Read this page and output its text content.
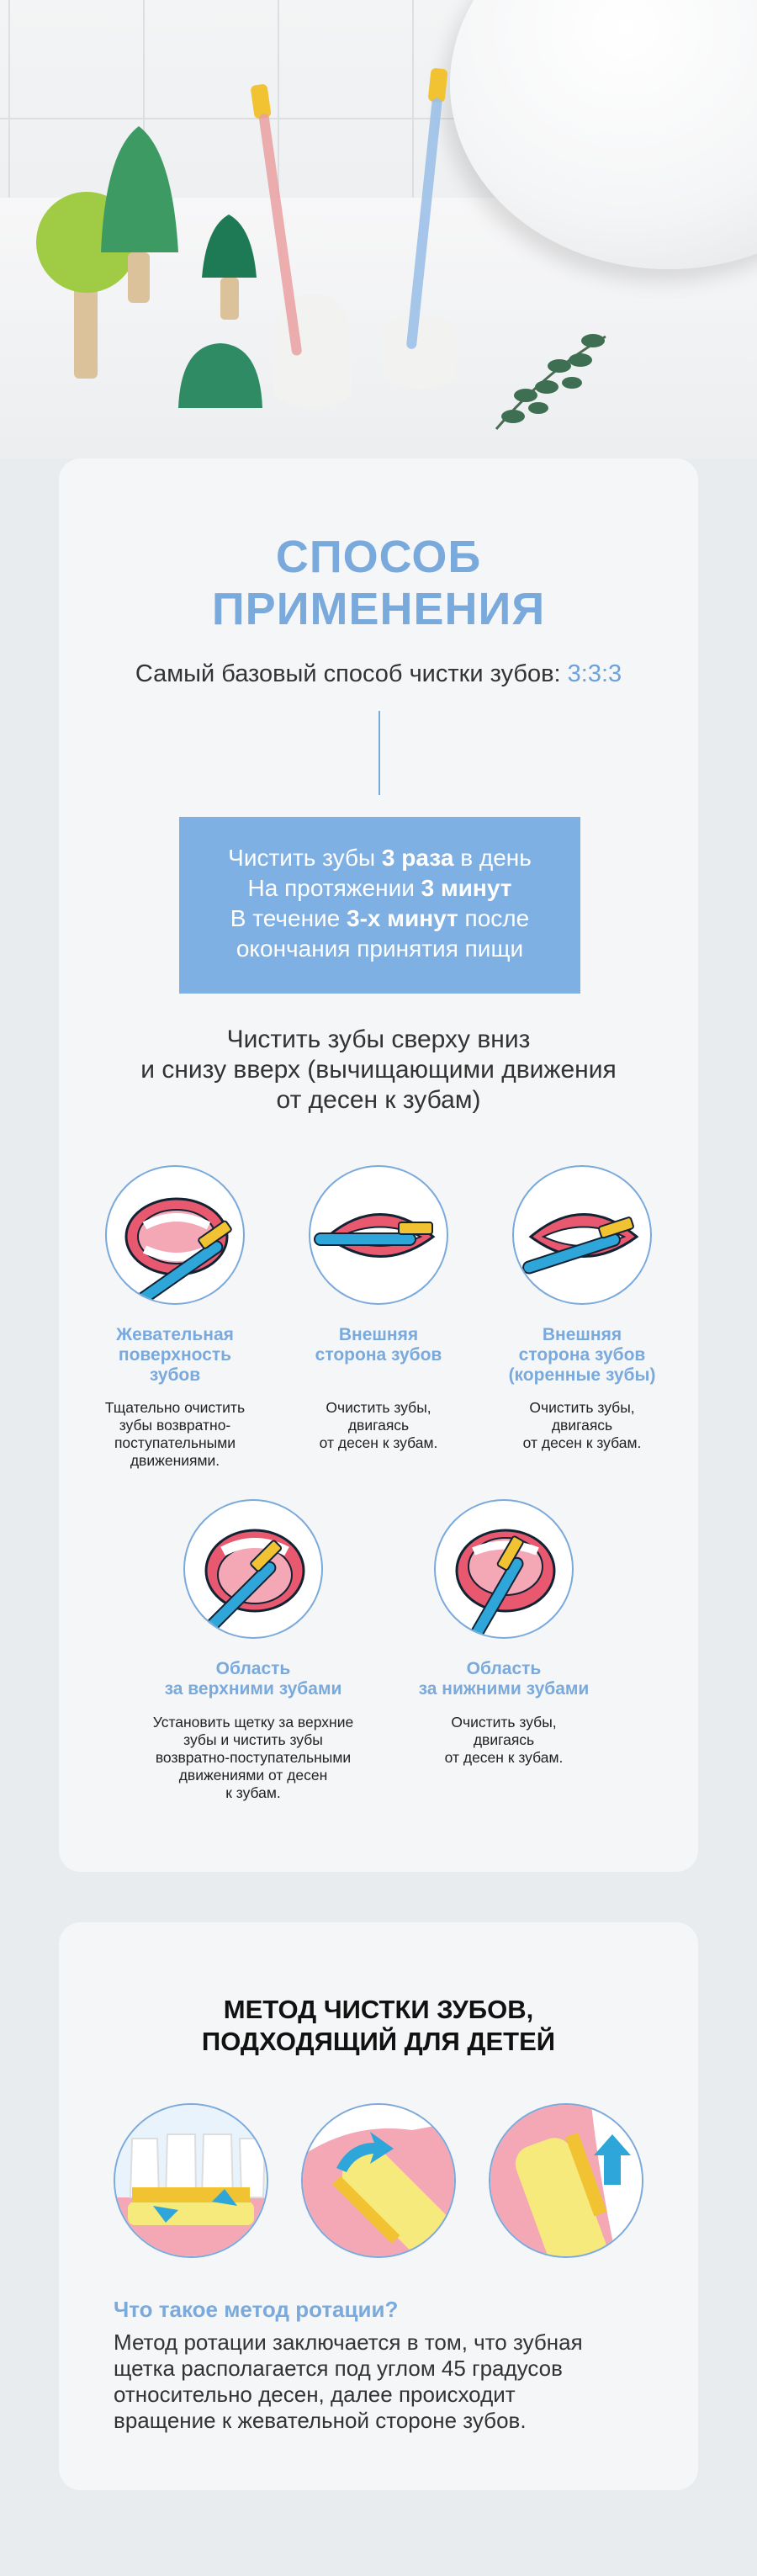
СПОСОБ
ПРИМЕНЕНИЯ
Самый базовый способ чистки зубов: 3:3:3
Чистить зубы 3 раза в день
На протяжении 3 минут
В течение 3-х минут после
окончания принятия пищи
Чистить зубы сверху вниз
и снизу вверх (вычищающими движения
от десен к зубам)
Жевательная
поверхность
зубов
Тщательно очистить
зубы возвратно-
поступательными
движениями.
Внешняя
сторона зубов
Очистить зубы,
двигаясь
от десен к зубам.
Внешняя
сторона зубов
(коренные зубы)
Очистить зубы,
двигаясь
от десен к зубам.
Область
за верхними зубами
Установить щетку за верхние
зубы и чистить зубы
возвратно-поступательными
движениями от десен
к зубам.
Область
за нижними зубами
Очистить зубы,
двигаясь
от десен к зубам.
МЕТОД ЧИСТКИ ЗУБОВ,
ПОДХОДЯЩИЙ ДЛЯ ДЕТЕЙ
Что такое метод ротации?
Метод ротации заключается в том, что зубная
щетка располагается под углом 45 градусов
относительно десен, далее происходит
вращение к жевательной стороне зубов.
